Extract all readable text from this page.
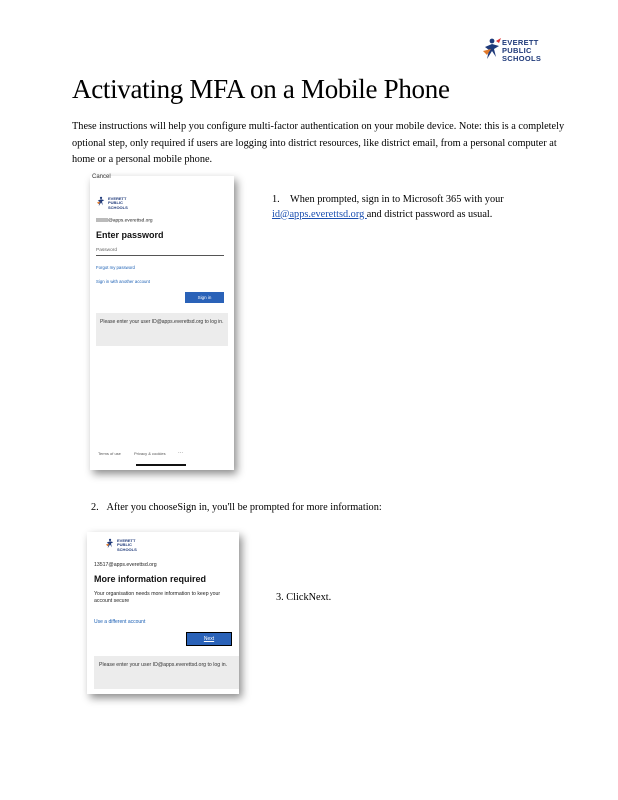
EVERETT
PUBLIC
SCHOOLS
Activating MFA on a Mobile Phone

These instructions will help you configure multi-factor authentication on your mobile device. Note: this is a completely optional step, only required if users are logging into district resources, like district email, from a personal computer at home or a personal mobile phone.

Cancel
EVERETT
PUBLIC
SCHOOLS
@apps.everettsd.org
Enter password
Password
Forgot my password
Sign in with another account
Sign in
Please enter your user ID@apps.everettsd.org to log in.
Terms of use	Privacy & cookies ···
1. When prompted, sign in to Microsoft 365 with your id@apps.everettsd.org and district password as usual.
2. After you chooseSign in, you'll be prompted for more information:
EVERETT
PUBLIC
SCHOOLS
13517@apps.everettsd.org
More information required
Your organisation needs more information to keep your account secure
Use a different account
Next
Please enter your user ID@apps.everettsd.org to log in.
3. ClickNext.
